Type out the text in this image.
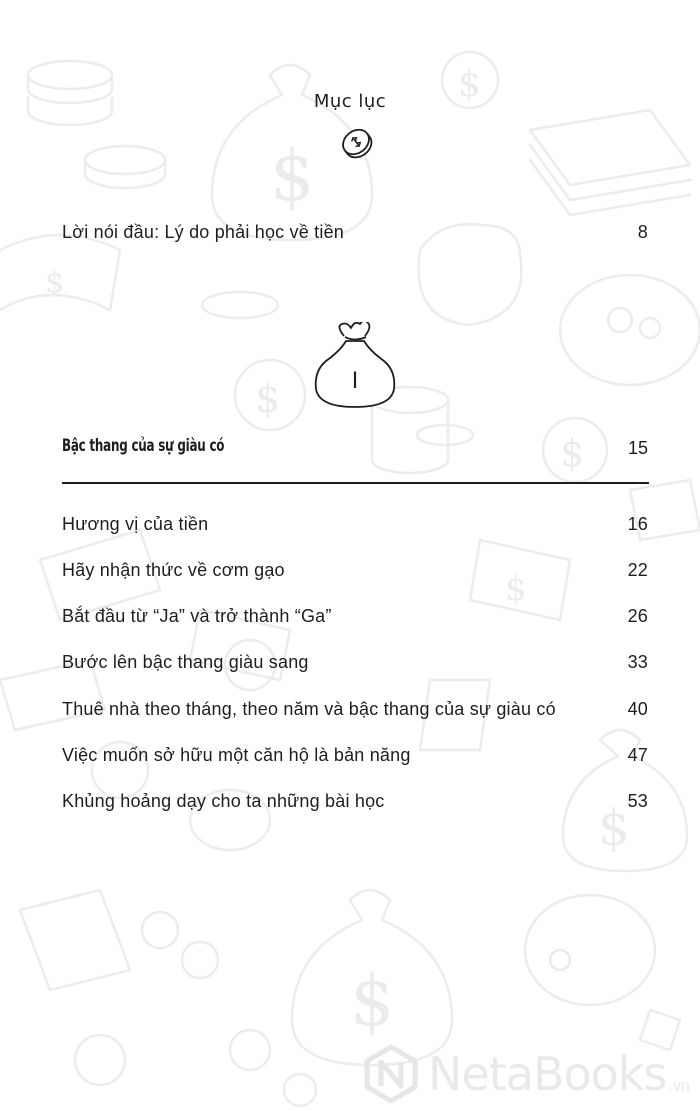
$
$
$
$
$
$
$
$
Mục lục
Lời nói đầu: Lý do phải học về tiền	8
I
Bậc thang của sự giàu có	15
Hương vị của tiền	16
Hãy nhận thức về cơm gạo	22
Bắt đầu từ “Ja” và trở thành “Ga”	26
Bước lên bậc thang giàu sang	33
Thuê nhà theo tháng, theo năm và bậc thang của sự giàu có	40
Việc muốn sở hữu một căn hộ là bản năng	47
Khủng hoảng dạy cho ta những bài học	53
NetaBooks .vn
